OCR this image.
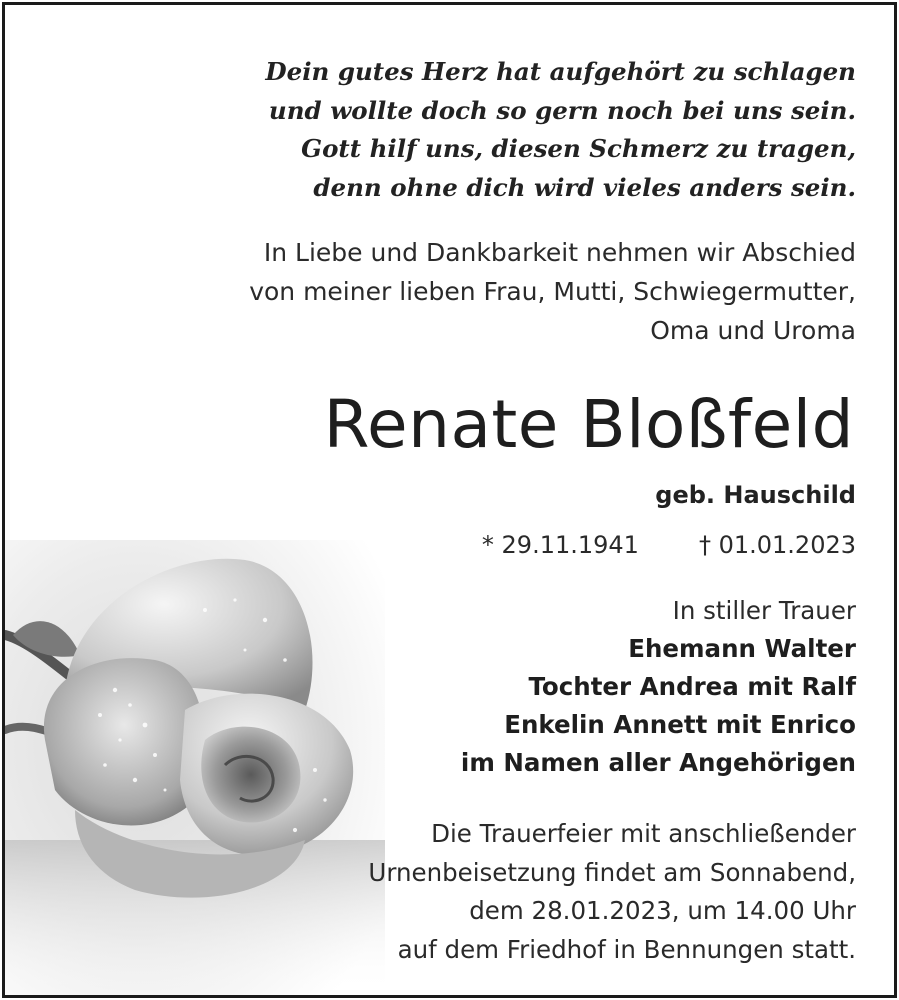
Dein gutes Herz hat aufgehört zu schlagen
und wollte doch so gern noch bei uns sein.
Gott hilf uns, diesen Schmerz zu tragen,
denn ohne dich wird vieles anders sein.
In Liebe und Dankbarkeit nehmen wir Abschied
von meiner lieben Frau, Mutti, Schwiegermutter,
Oma und Uroma
Renate Bloßfeld
geb. Hauschild
* 29.11.1941	† 01.01.2023
In stiller Trauer
Ehemann Walter
Tochter Andrea mit Ralf
Enkelin Annett mit Enrico
im Namen aller Angehörigen
Die Trauerfeier mit anschließender
Urnenbeisetzung findet am Sonnabend,
dem 28.01.2023, um 14.00 Uhr
auf dem Friedhof in Bennungen statt.
